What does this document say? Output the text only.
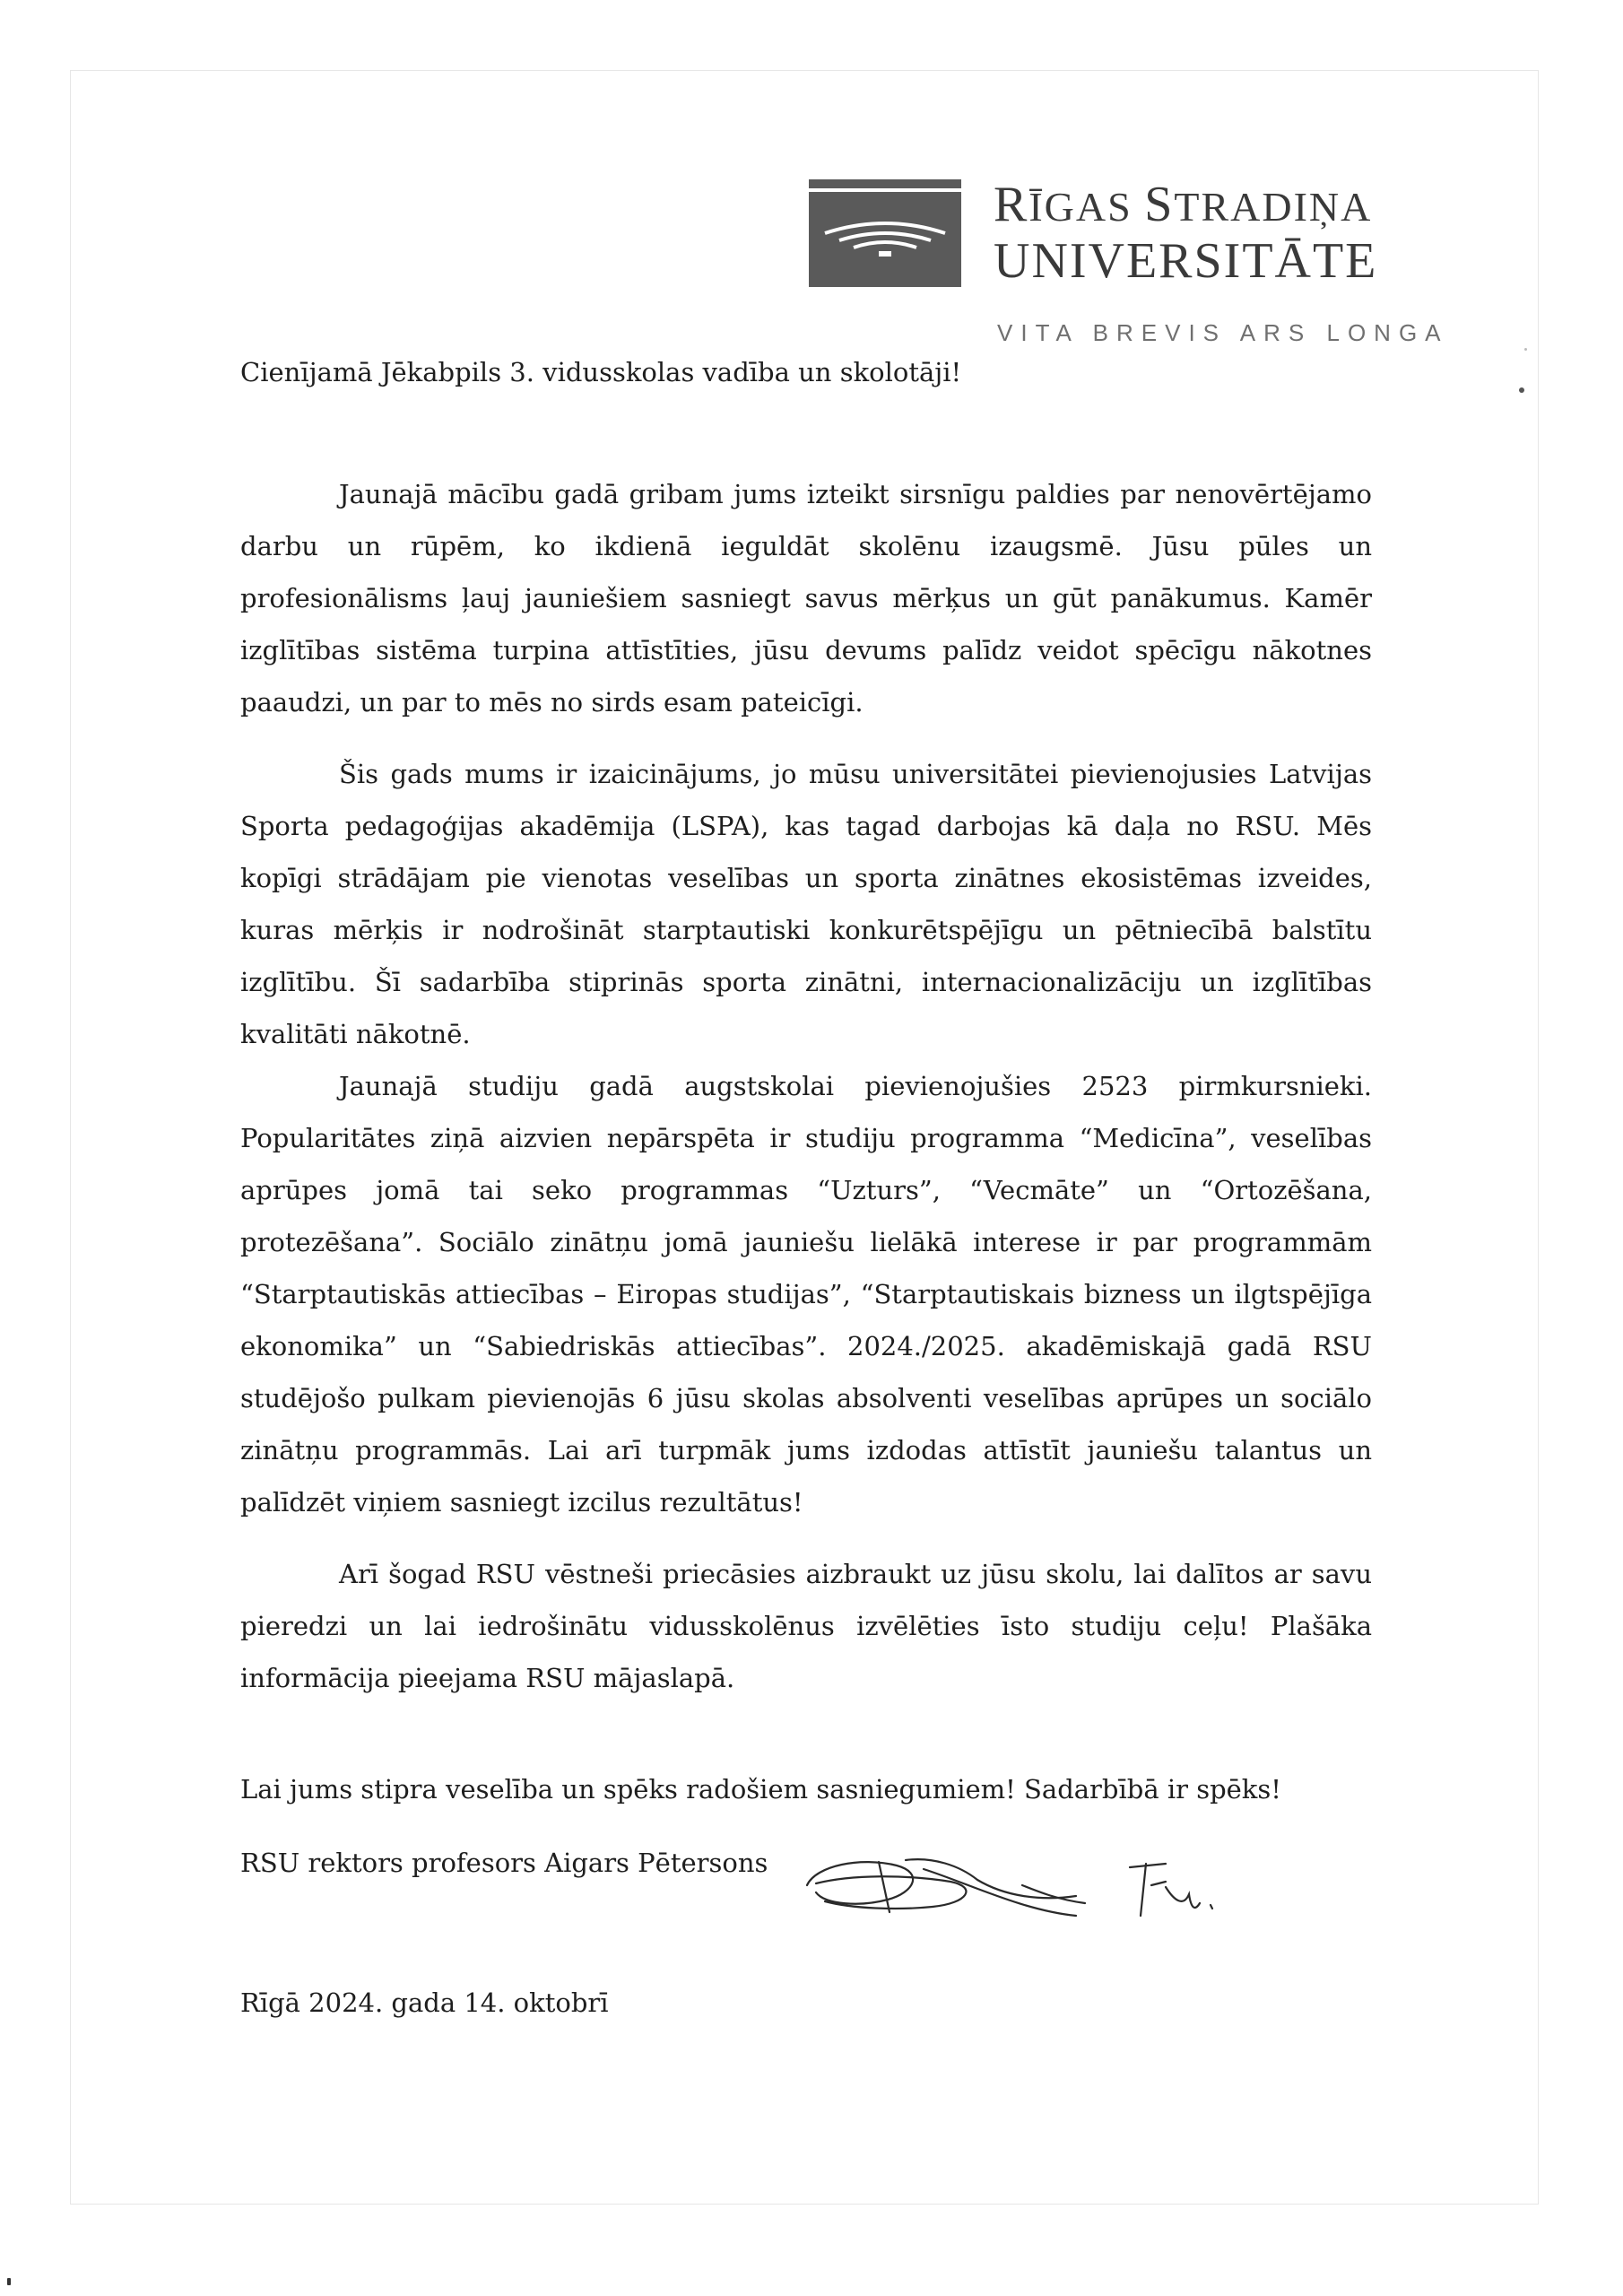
RĪGAS STRADIŅA
UNIVERSITĀTE
VITA BREVIS ARS LONGA
Cienījamā Jēkabpils 3. vidusskolas vadība un skolotāji!

Jaunajā mācību gadā gribam jums izteikt sirsnīgu paldies par nenovērtējamo darbu un rūpēm, ko ikdienā ieguldāt skolēnu izaugsmē. Jūsu pūles un profesionālisms ļauj jauniešiem sasniegt savus mērķus un gūt panākumus. Kamēr izglītības sistēma turpina attīstīties, jūsu devums palīdz veidot spēcīgu nākotnes paaudzi, un par to mēs no sirds esam pateicīgi.

Šis gads mums ir izaicinājums, jo mūsu universitātei pievienojusies Latvijas Sporta pedagoģijas akadēmija (LSPA), kas tagad darbojas kā daļa no RSU. Mēs kopīgi strādājam pie vienotas veselības un sporta zinātnes ekosistēmas izveides, kuras mērķis ir nodrošināt starptautiski konkurētspējīgu un pētniecībā balstītu izglītību. Šī sadarbība stiprinās sporta zinātni, internacionalizāciju un izglītības kvalitāti nākotnē.

Jaunajā studiju gadā augstskolai pievienojušies 2523 pirmkursnieki. Popularitātes ziņā aizvien nepārspēta ir studiju programma “Medicīna”, veselības aprūpes jomā tai seko programmas “Uzturs”, “Vecmāte” un “Ortozēšana, protezēšana”. Sociālo zinātņu jomā jauniešu lielākā interese ir par programmām “Starptautiskās attiecības – Eiropas studijas”, “Starptautiskais bizness un ilgtspējīga ekonomika” un “Sabiedriskās attiecības”. 2024./2025. akadēmiskajā gadā RSU studējošo pulkam pievienojās 6 jūsu skolas absolventi veselības aprūpes un sociālo zinātņu programmās. Lai arī turpmāk jums izdodas attīstīt jauniešu talantus un palīdzēt viņiem sasniegt izcilus rezultātus!

Arī šogad RSU vēstneši priecāsies aizbraukt uz jūsu skolu, lai dalītos ar savu pieredzi un lai iedrošinātu vidusskolēnus izvēlēties īsto studiju ceļu! Plašāka informācija pieejama RSU mājaslapā.

Lai jums stipra veselība un spēks radošiem sasniegumiem! Sadarbībā ir spēks!
RSU rektors profesors Aigars Pētersons
Rīgā 2024. gada 14. oktobrī
